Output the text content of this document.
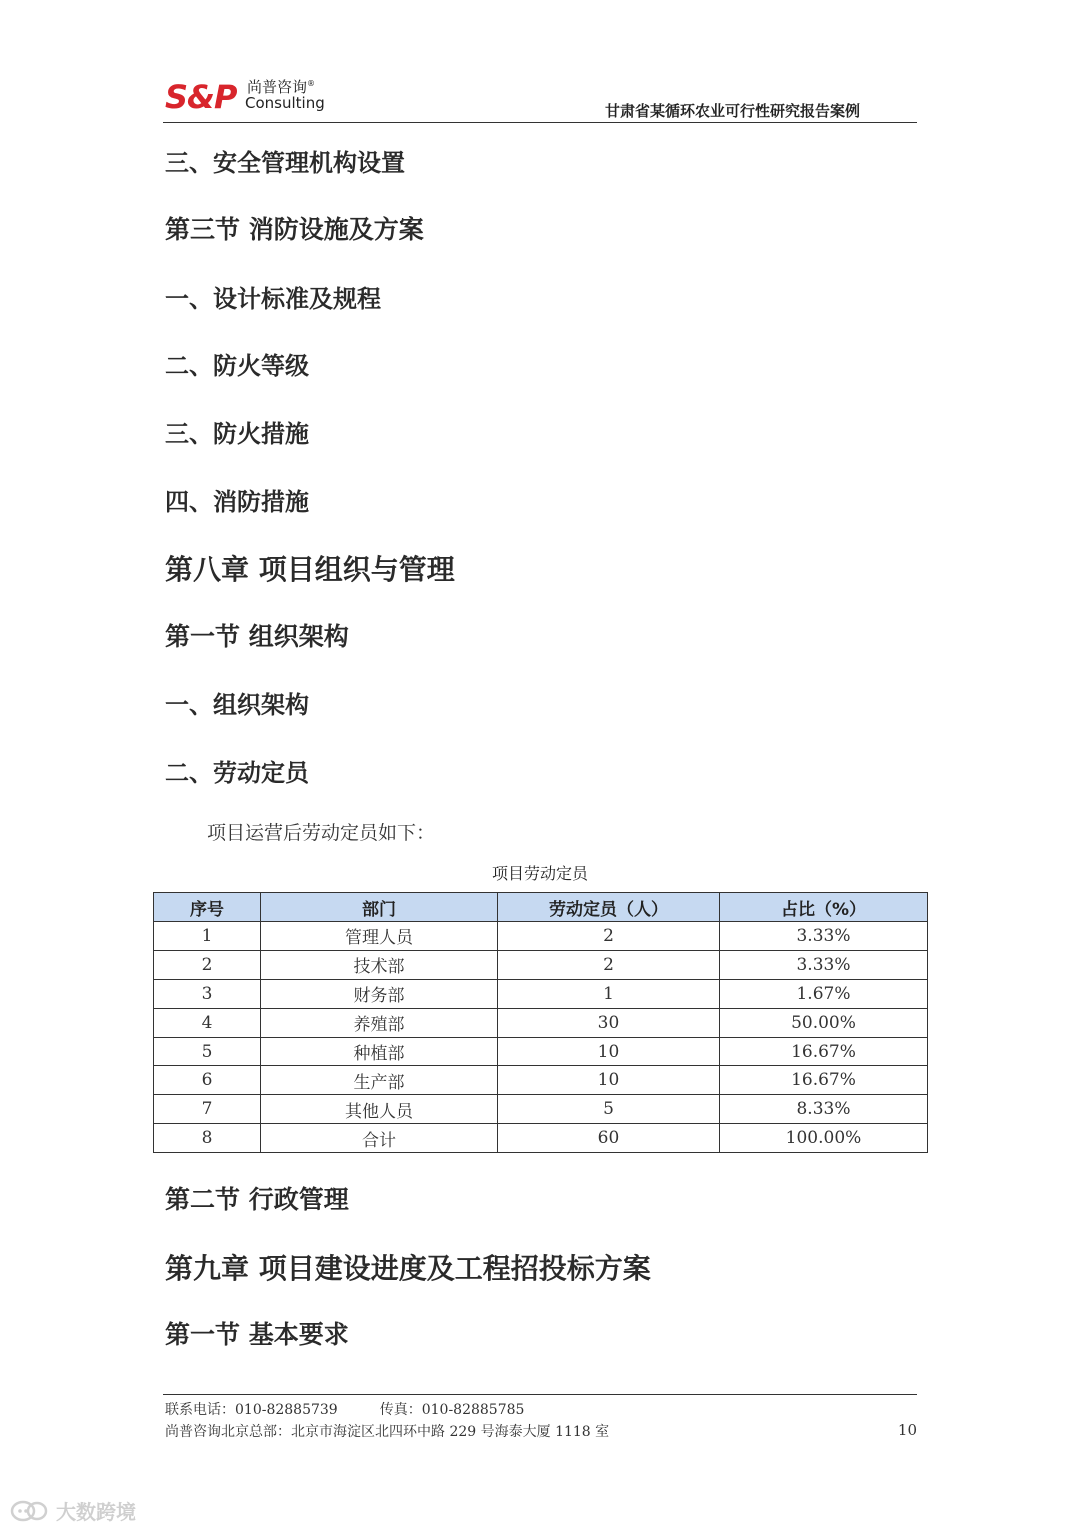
S&P 尚普咨询®
Consulting	甘肃省某循环农业可行性研究报告案例
三、安全管理机构设置
第三节 消防设施及方案
一、设计标准及规程
二、防火等级
三、防火措施
四、消防措施
第八章 项目组织与管理
第一节 组织架构
一、组织架构
二、劳动定员
项目运营后劳动定员如下：
项目劳动定员
序号	部门	劳动定员（人）	占比（%）
1	管理人员	2	3.33%
2	技术部	2	3.33%
3	财务部	1	1.67%
4	养殖部	30	50.00%
5	种植部	10	16.67%
6	生产部	10	16.67%
7	其他人员	5	8.33%
8	合计	60	100.00%
第二节 行政管理
第九章 项目建设进度及工程招投标方案
第一节 基本要求
联系电话：010-82885739	传真：010-82885785
尚普咨询北京总部：北京市海淀区北四环中路 229 号海泰大厦 1118 室	10
大数跨境
